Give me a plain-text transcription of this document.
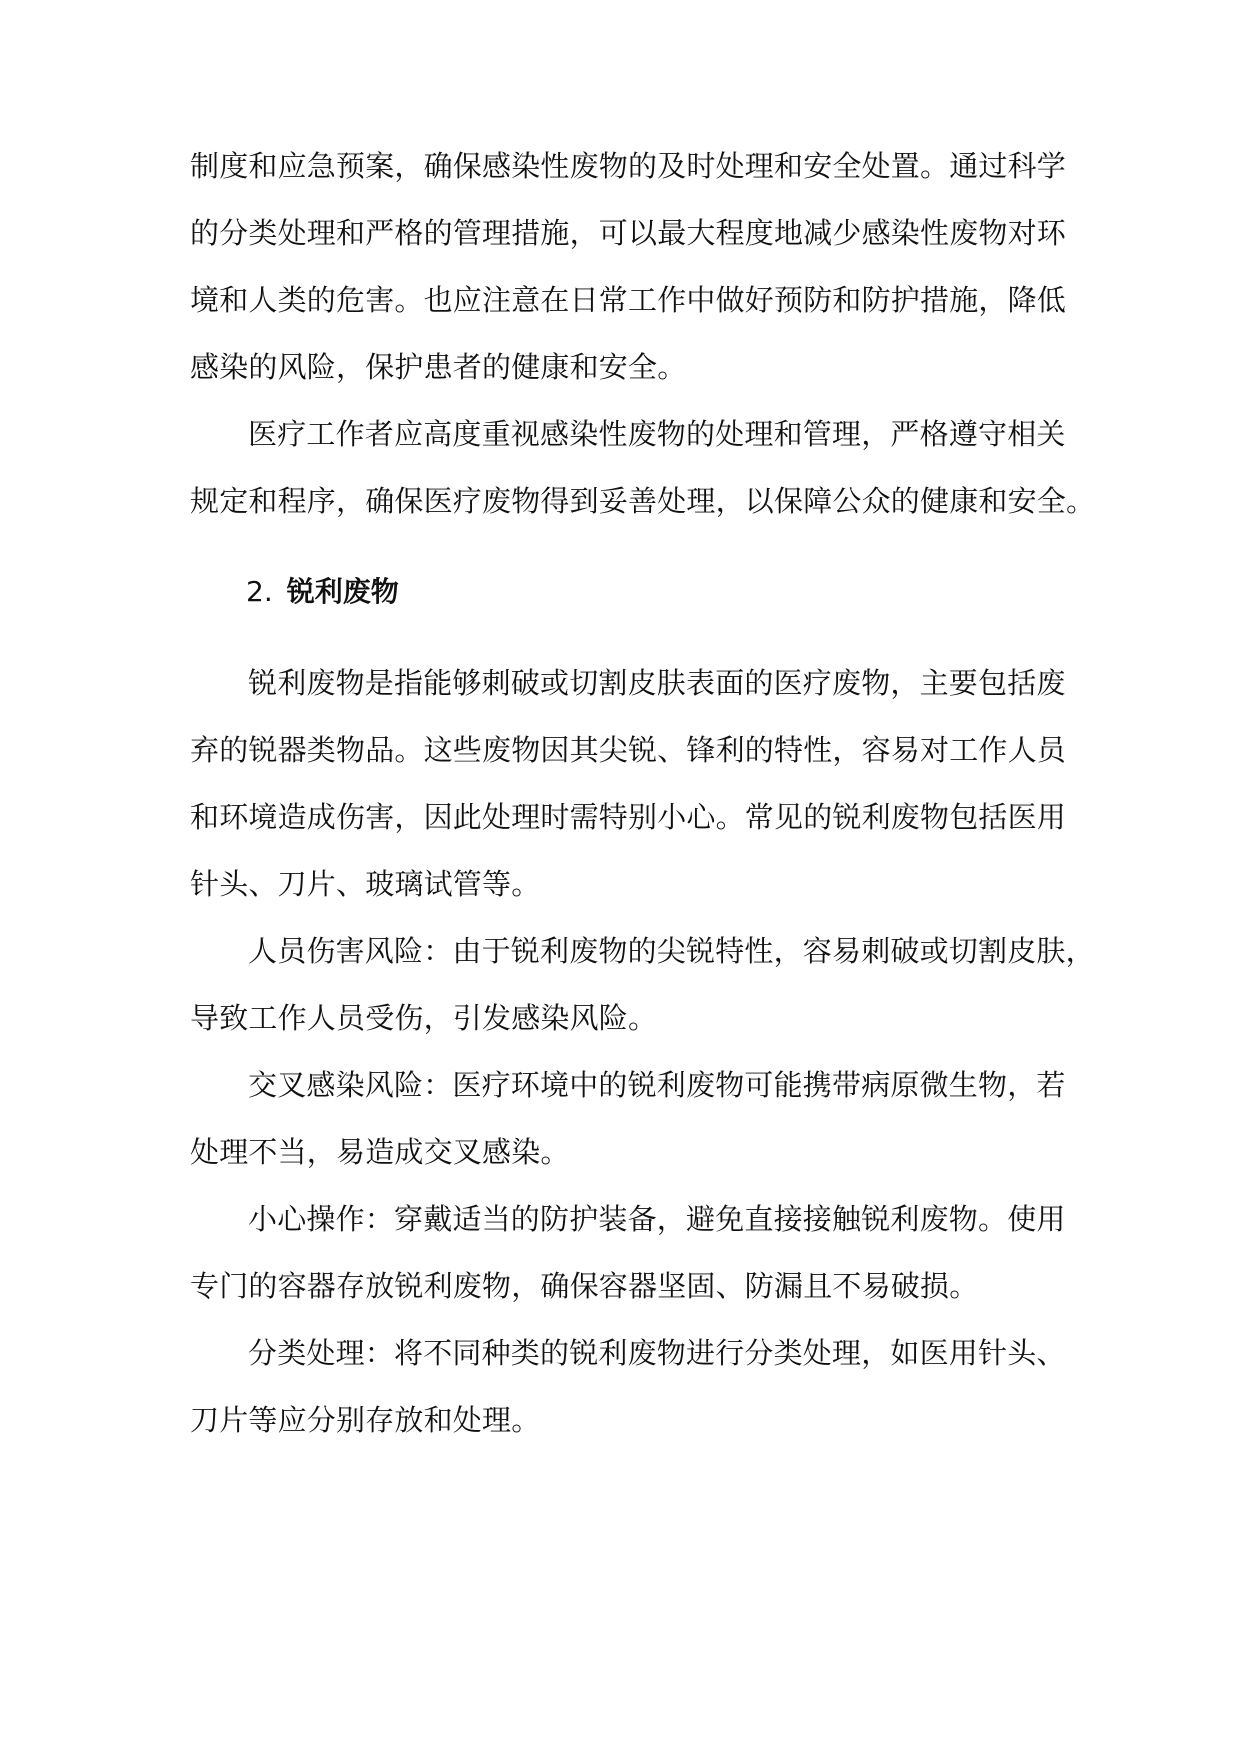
制度和应急预案，确保感染性废物的及时处理和安全处置。通过科学
的分类处理和严格的管理措施，可以最大程度地减少感染性废物对环
境和人类的危害。也应注意在日常工作中做好预防和防护措施，降低
感染的风险，保护患者的健康和安全。
医疗工作者应高度重视感染性废物的处理和管理，严格遵守相关
规定和程序，确保医疗废物得到妥善处理，以保障公众的健康和安全。
2. 锐利废物
锐利废物是指能够刺破或切割皮肤表面的医疗废物，主要包括废
弃的锐器类物品。这些废物因其尖锐、锋利的特性，容易对工作人员
和环境造成伤害，因此处理时需特别小心。常见的锐利废物包括医用
针头、刀片、玻璃试管等。
人员伤害风险：由于锐利废物的尖锐特性，容易刺破或切割皮肤，
导致工作人员受伤，引发感染风险。
交叉感染风险：医疗环境中的锐利废物可能携带病原微生物，若
处理不当，易造成交叉感染。
小心操作：穿戴适当的防护装备，避免直接接触锐利废物。使用
专门的容器存放锐利废物，确保容器坚固、防漏且不易破损。
分类处理：将不同种类的锐利废物进行分类处理，如医用针头、
刀片等应分别存放和处理。
